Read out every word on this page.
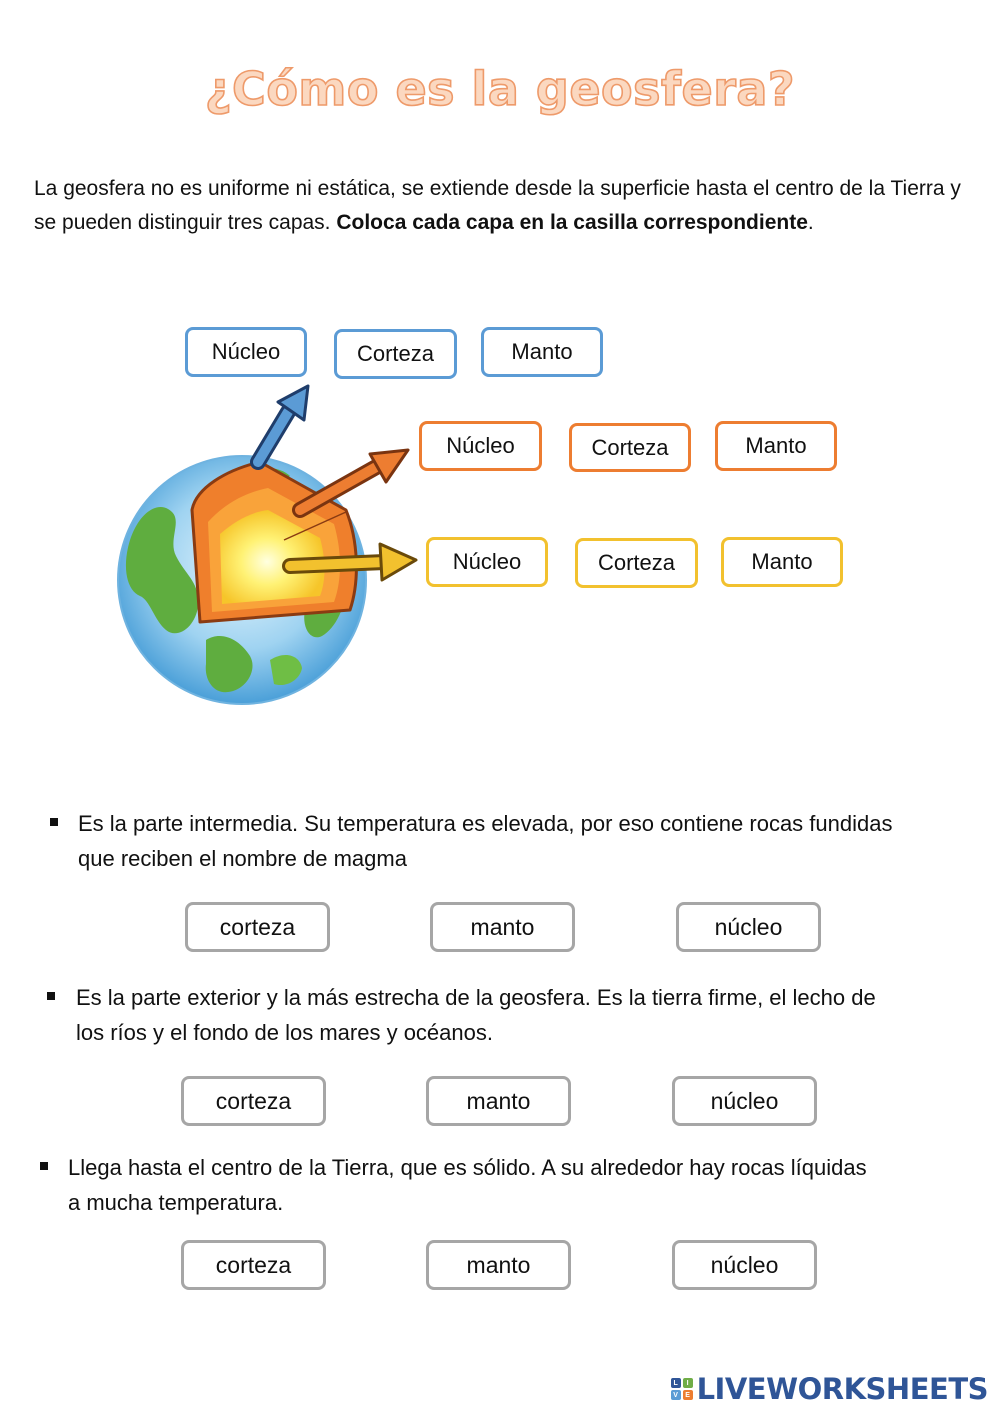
¿Cómo es la geosfera?
La geosfera no es uniforme ni estática, se extiende desde la superficie hasta el centro de la Tierra y se pueden distinguir tres capas. Coloca cada capa en la casilla correspondiente.
Núcleo	Corteza	Manto
Núcleo	Corteza	Manto
Núcleo	Corteza	Manto
Es la parte intermedia. Su temperatura es elevada, por eso contiene rocas fundidas
que reciben el nombre de magma
corteza	manto	núcleo
Es la parte exterior y la más estrecha de la geosfera. Es la tierra firme, el lecho de
los ríos y el fondo de los mares y océanos.
corteza	manto	núcleo
Llega hasta el centro de la Tierra, que es sólido. A su alrededor hay rocas líquidas
a mucha temperatura.
corteza	manto	núcleo
L	I
V	E LIVEWORKSHEETS
